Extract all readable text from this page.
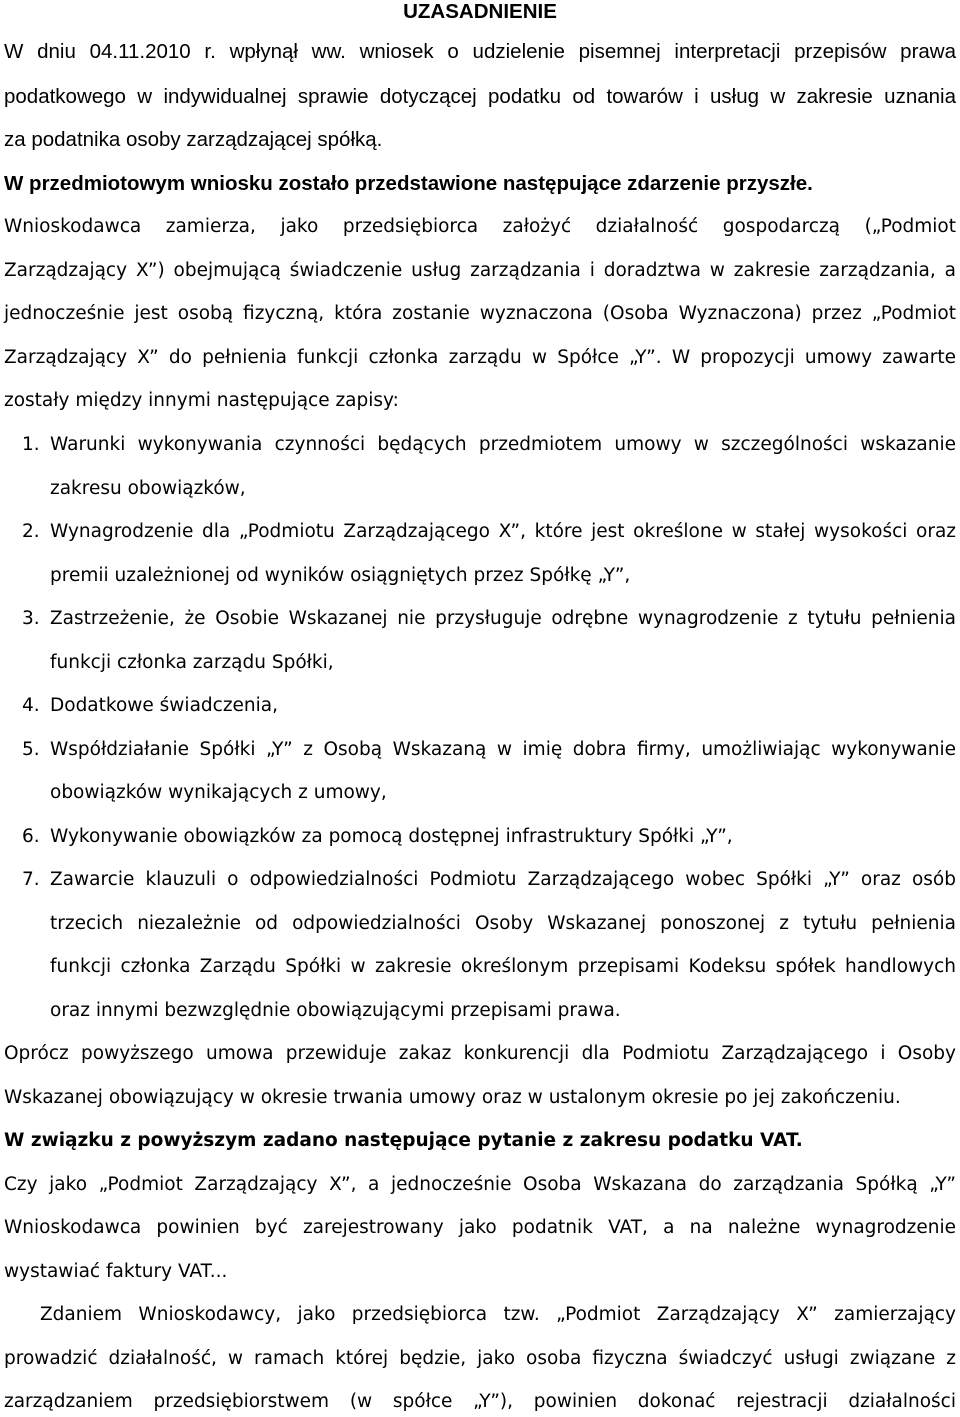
UZASADNIENIE
W dniu 04.11.2010 r. wpłynął ww. wniosek o udzielenie pisemnej interpretacji przepisów prawa
podatkowego w indywidualnej sprawie dotyczącej podatku od towarów i usług w zakresie uznania
za podatnika osoby zarządzającej spółką.
W przedmiotowym wniosku zostało przedstawione następujące zdarzenie przyszłe.
Wnioskodawca zamierza, jako przedsiębiorca założyć działalność gospodarczą („Podmiot
Zarządzający X”) obejmującą świadczenie usług zarządzania i doradztwa w zakresie zarządzania, a
jednocześnie jest osobą fizyczną, która zostanie wyznaczona (Osoba Wyznaczona) przez „Podmiot
Zarządzający X” do pełnienia funkcji członka zarządu w Spółce „Y”. W propozycji umowy zawarte
zostały między innymi następujące zapisy:
1. Warunki wykonywania czynności będących przedmiotem umowy w szczególności wskazanie
zakresu obowiązków,
2. Wynagrodzenie dla „Podmiotu Zarządzającego X”, które jest określone w stałej wysokości oraz
premii uzależnionej od wyników osiągniętych przez Spółkę „Y”,
3. Zastrzeżenie, że Osobie Wskazanej nie przysługuje odrębne wynagrodzenie z tytułu pełnienia
funkcji członka zarządu Spółki,
4. Dodatkowe świadczenia,
5. Współdziałanie Spółki „Y” z Osobą Wskazaną w imię dobra firmy, umożliwiając wykonywanie
obowiązków wynikających z umowy,
6. Wykonywanie obowiązków za pomocą dostępnej infrastruktury Spółki „Y”,
7. Zawarcie klauzuli o odpowiedzialności Podmiotu Zarządzającego wobec Spółki „Y” oraz osób
trzecich niezależnie od odpowiedzialności Osoby Wskazanej ponoszonej z tytułu pełnienia
funkcji członka Zarządu Spółki w zakresie określonym przepisami Kodeksu spółek handlowych
oraz innymi bezwzględnie obowiązującymi przepisami prawa.
Oprócz powyższego umowa przewiduje zakaz konkurencji dla Podmiotu Zarządzającego i Osoby
Wskazanej obowiązujący w okresie trwania umowy oraz w ustalonym okresie po jej zakończeniu.
W związku z powyższym zadano następujące pytanie z zakresu podatku VAT.
Czy jako „Podmiot Zarządzający X”, a jednocześnie Osoba Wskazana do zarządzania Spółką „Y”
Wnioskodawca powinien być zarejestrowany jako podatnik VAT, a na należne wynagrodzenie
wystawiać faktury VAT...
Zdaniem Wnioskodawcy, jako przedsiębiorca tzw. „Podmiot Zarządzający X” zamierzający
prowadzić działalność, w ramach której będzie, jako osoba fizyczna świadczyć usługi związane z
zarządzaniem przedsiębiorstwem (w spółce „Y”), powinien dokonać rejestracji działalności
